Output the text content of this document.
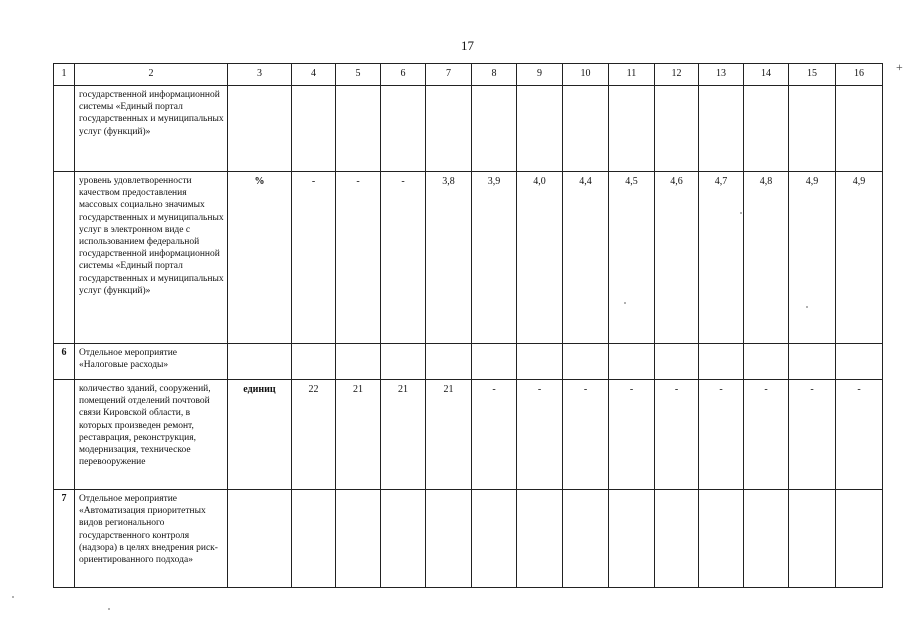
17
+
1	2	3	4	5	6	7	8	9	10	11	12	13	14	15	16
	государственной информационной системы «Единый портал государственных и муниципальных услуг (функций)»														
	уровень удовлетворенности качеством предоставления массовых социально значимых государственных и муниципальных услуг в электронном виде с использованием федеральной государственной информационной системы «Единый портал государственных и муниципальных услуг (функций)»	%	-	-	-	3,8	3,9	4,0	4,4	4,5	4,6	4,7	4,8	4,9	4,9
6	Отдельное мероприятие «Налоговые расходы»														
	количество зданий, сооружений, помещений отделений почтовой связи Кировской области, в которых произведен ремонт, реставрация, реконструкция, модернизация, техническое перевооружение	единиц	22	21	21	21	-	-	-	-	-	-	-	-	-
7	Отдельное мероприятие «Автоматизация приоритетных видов регионального государственного контроля (надзора) в целях внедрения риск-ориентированного подхода»														
